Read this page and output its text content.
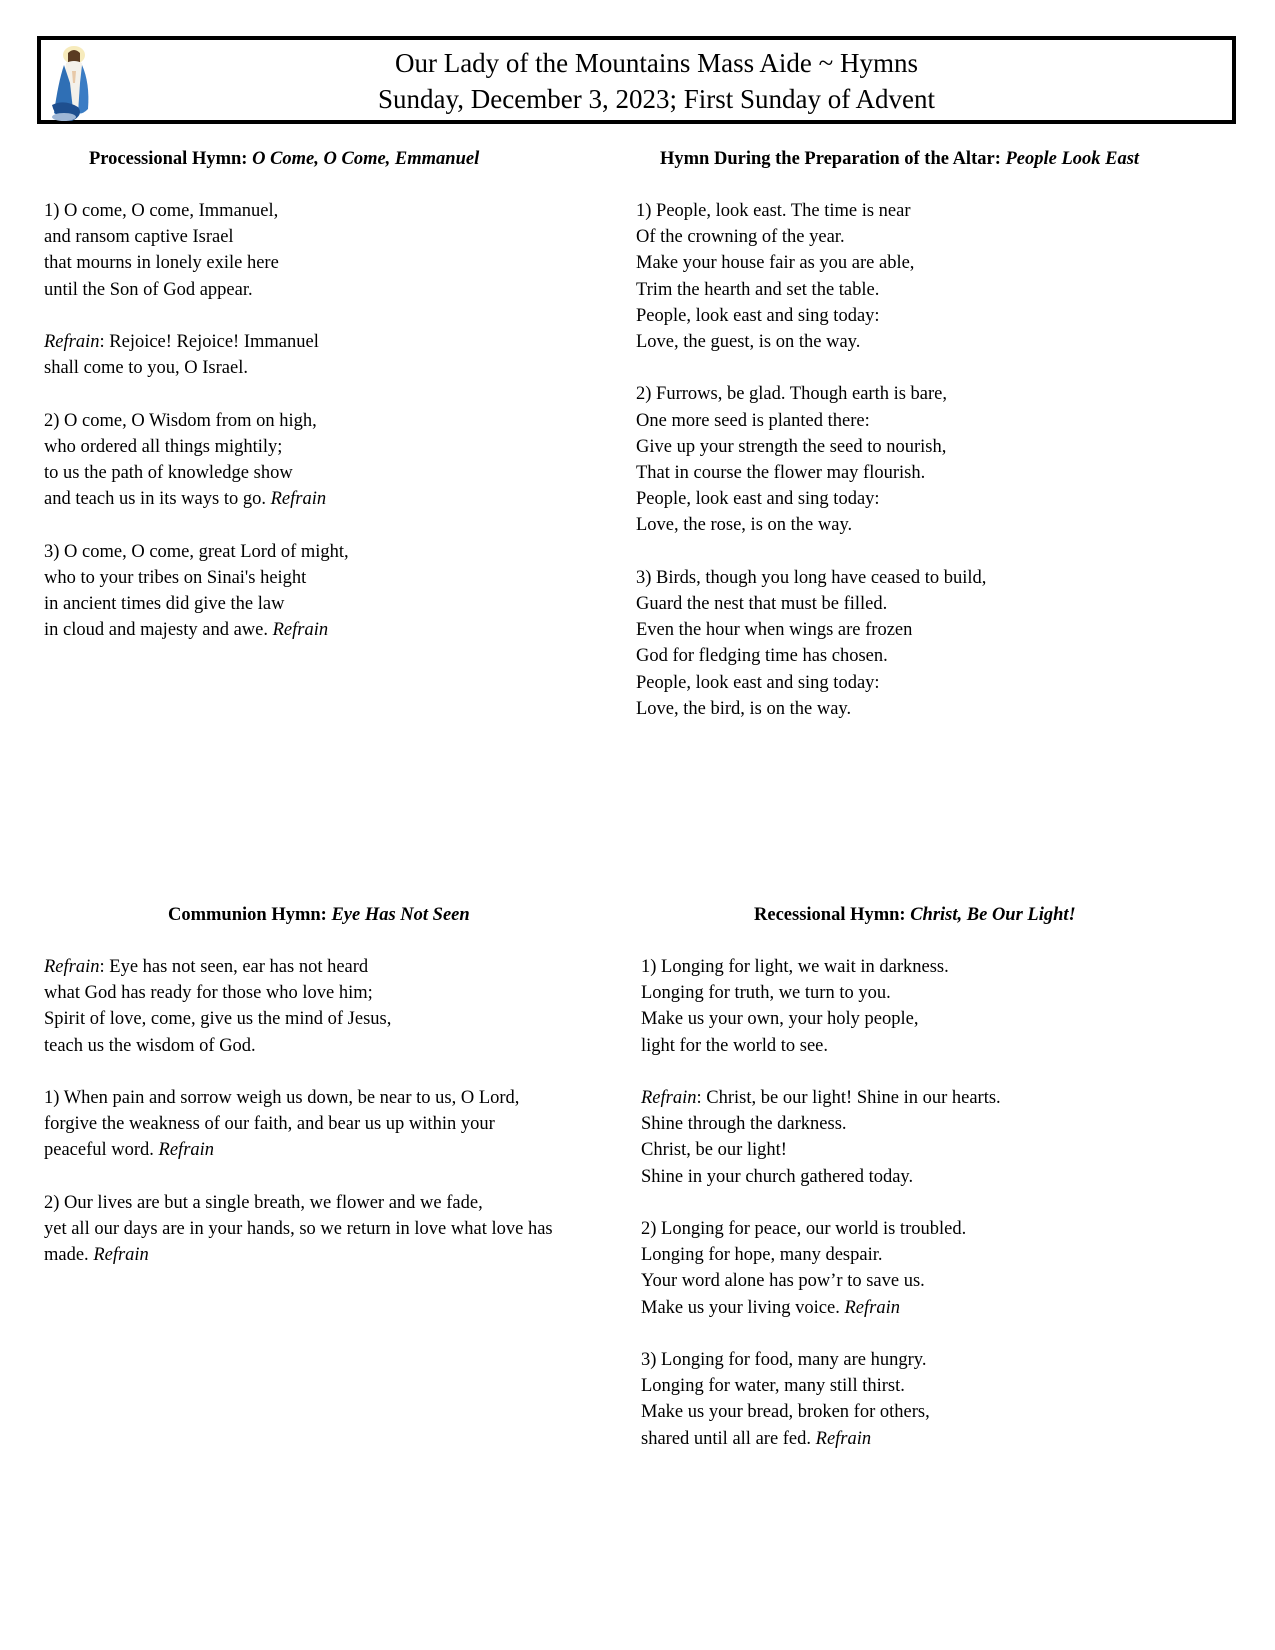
Our Lady of the Mountains Mass Aide ~ Hymns
Sunday, December 3, 2023; First Sunday of Advent
Processional Hymn: O Come, O Come, Emmanuel
1) O come, O come, Immanuel,
and ransom captive Israel
that mourns in lonely exile here
until the Son of God appear.
Refrain: Rejoice! Rejoice! Immanuel
shall come to you, O Israel.
2) O come, O Wisdom from on high,
who ordered all things mightily;
to us the path of knowledge show
and teach us in its ways to go. Refrain
3) O come, O come, great Lord of might,
who to your tribes on Sinai's height
in ancient times did give the law
in cloud and majesty and awe. Refrain
Hymn During the Preparation of the Altar: People Look East
1) People, look east. The time is near
Of the crowning of the year.
Make your house fair as you are able,
Trim the hearth and set the table.
People, look east and sing today:
Love, the guest, is on the way.
2) Furrows, be glad. Though earth is bare,
One more seed is planted there:
Give up your strength the seed to nourish,
That in course the flower may flourish.
People, look east and sing today:
Love, the rose, is on the way.
3) Birds, though you long have ceased to build,
Guard the nest that must be filled.
Even the hour when wings are frozen
God for fledging time has chosen.
People, look east and sing today:
Love, the bird, is on the way.
Communion Hymn: Eye Has Not Seen
Refrain: Eye has not seen, ear has not heard
what God has ready for those who love him;
Spirit of love, come, give us the mind of Jesus,
teach us the wisdom of God.
1) When pain and sorrow weigh us down, be near to us, O Lord,
forgive the weakness of our faith, and bear us up within your
peaceful word. Refrain
2) Our lives are but a single breath, we flower and we fade,
yet all our days are in your hands, so we return in love what love has
made. Refrain
Recessional Hymn: Christ, Be Our Light!
1) Longing for light, we wait in darkness.
Longing for truth, we turn to you.
Make us your own, your holy people,
light for the world to see.
Refrain: Christ, be our light! Shine in our hearts.
Shine through the darkness.
Christ, be our light!
Shine in your church gathered today.
2) Longing for peace, our world is troubled.
Longing for hope, many despair.
Your word alone has pow’r to save us.
Make us your living voice. Refrain
3) Longing for food, many are hungry.
Longing for water, many still thirst.
Make us your bread, broken for others,
shared until all are fed. Refrain
